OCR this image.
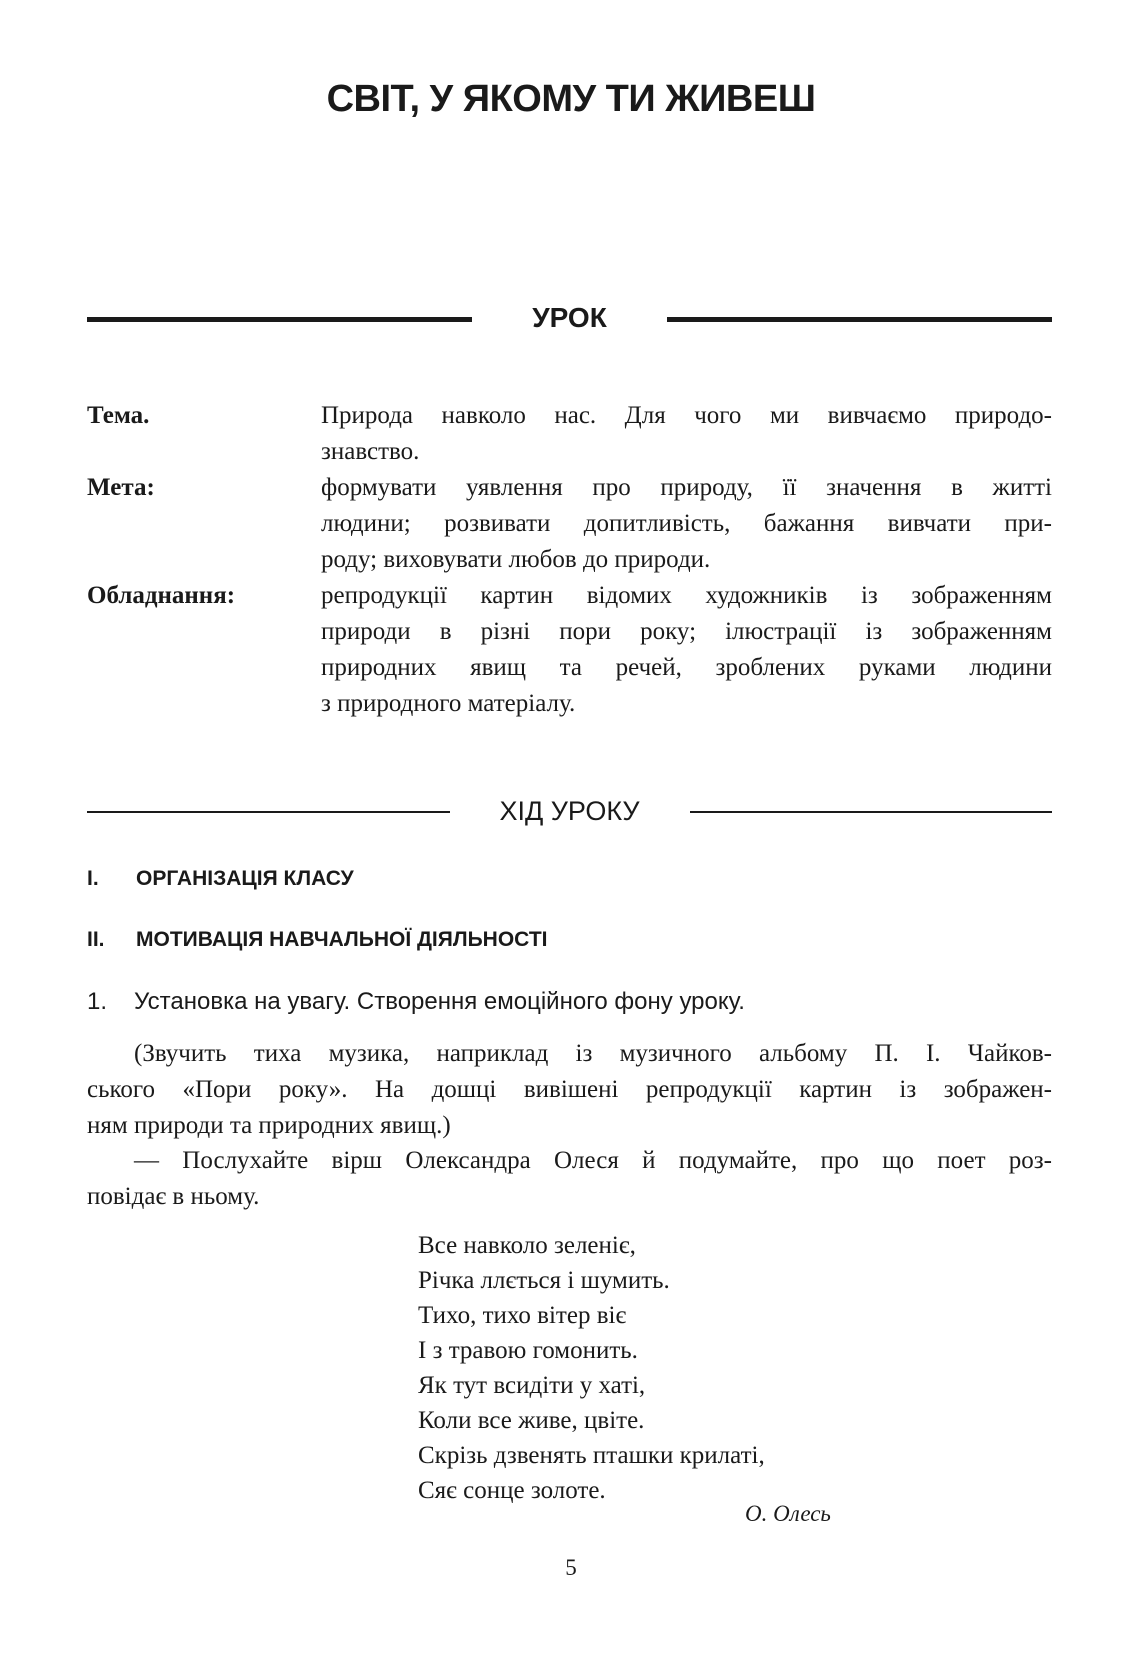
СВІТ, У ЯКОМУ ТИ ЖИВЕШ
УРОК
Тема.	Природа навколо нас. Для чого ми вивчаємо природо-
знавство.
Мета:	формувати уявлення про природу, її значення в житті
людини; розвивати допитливість, бажання вивчати при-
роду; виховувати любов до природи.
Обладнання:	репродукції картин відомих художників із зображенням
природи в різні пори року; ілюстрації із зображенням
природних явищ та речей, зроблених руками людини
з природного матеріалу.
ХІД УРОКУ
I. ОРГАНІЗАЦІЯ КЛАСУ
II. МОТИВАЦІЯ НАВЧАЛЬНОЇ ДІЯЛЬНОСТІ
1. Установка на увагу. Створення емоційного фону уроку.
(Звучить тиха музика, наприклад із музичного альбому П. І. Чайков-
ського «Пори року». На дошці вивішені репродукції картин із зображен-
ням природи та природних явищ.)
— Послухайте вірш Олександра Олеся й подумайте, про що поет роз-
повідає в ньому.
Все навколо зеленіє,
Річка ллється і шумить.
Тихо, тихо вітер віє
І з травою гомонить.
Як тут всидіти у хаті,
Коли все живе, цвіте.
Скрізь дзвенять пташки крилаті,
Сяє сонце золоте.
О. Олесь
5
